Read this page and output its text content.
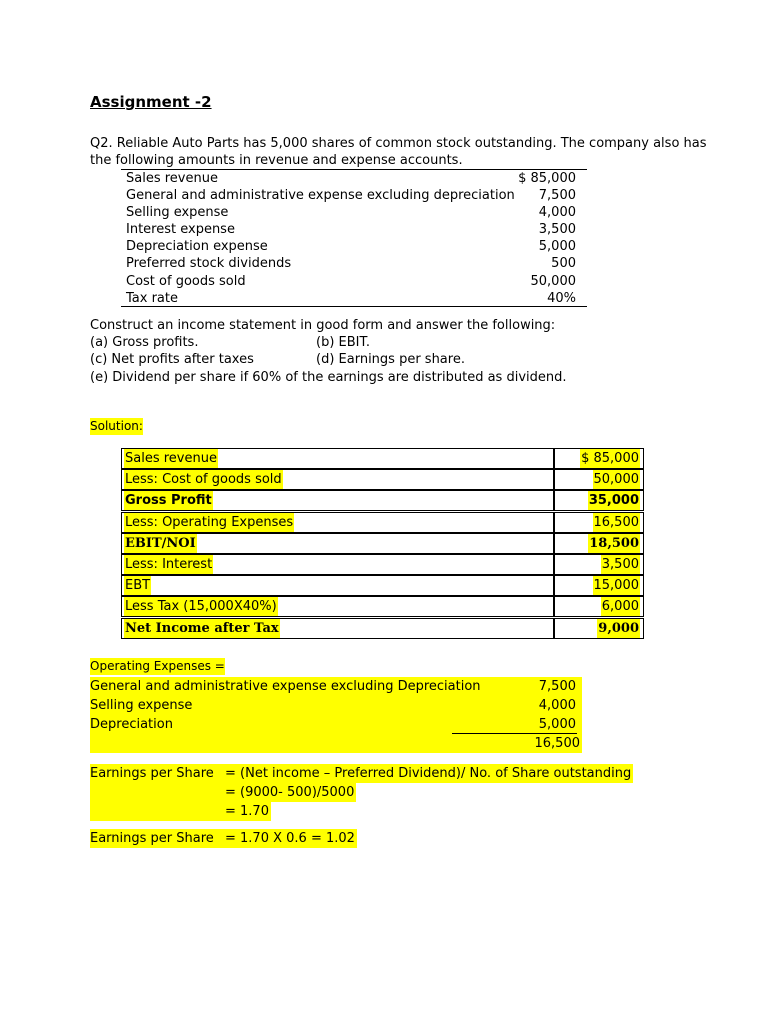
Assignment -2
Q2. Reliable Auto Parts has 5,000 shares of common stock outstanding. The company also has
the following amounts in revenue and expense accounts.
Sales revenue	$ 85,000
General and administrative expense excluding depreciation 7,500
Selling expense	4,000
Interest expense	3,500
Depreciation expense	5,000
Preferred stock dividends	500
Cost of goods sold	50,000
Tax rate	40%
Construct an income statement in good form and answer the following:
(a) Gross profits.	(b) EBIT.
(c) Net profits after taxes	(d) Earnings per share.
(e) Dividend per share if 60% of the earnings are distributed as dividend.
Solution:
Sales revenue	$ 85,000
Less: Cost of goods sold	50,000
Gross Profit	35,000
Less: Operating Expenses	16,500
EBIT/NOI	18,500
Less: Interest	3,500
EBT	15,000
Less Tax (15,000X40%)	6,000
Net Income after Tax	9,000
Operating Expenses =
General and administrative expense excluding Depreciation	7,500
Selling expense	4,000
Depreciation	5,000
16,500
Earnings per Share = (Net income – Preferred Dividend)/ No. of Share outstanding
= (9000- 500)/5000
= 1.70
Earnings per Share = 1.70 X 0.6 = 1.02
